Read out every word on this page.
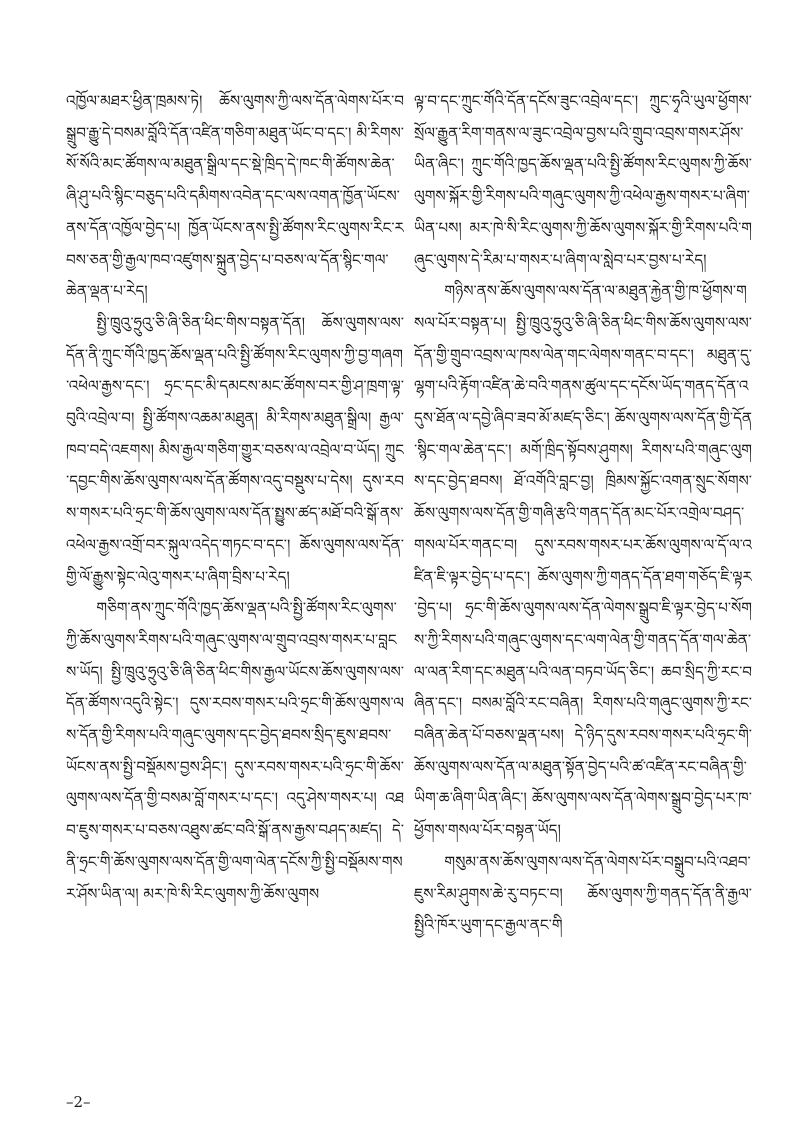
འཁྱོལ་མཐར་ཕྱིན་ཁྲམས་ཏེ། ཆོས་ལུགས་ཀྱི་ལས་དོན་ལེགས་པོར་བསྒྲུབ་རྒྱུ་དེ་བསམ་བློའི་དོན་འཛིན་གཅིག་མཐུན་ཡོང་བ་དང་། མི་རིགས་སོ་སོའི་མང་ཚོགས་ལ་མཐུན་སྒྲིལ་དང་སྡེ་ཁྲིད་དེ་ཁང་གི་ཚོགས་ཆེན་ཞི་ཤུ་པའི་སྙིང་བཅུད་པའི་དམིགས་འབེན་དང་ལས་འགན་ཁྱོན་ཡོངས་ནས་དོན་འཁྱོལ་བྱེད་པ། ཁྱོན་ཡོངས་ནས་སྤྱི་ཚོགས་རིང་ལུགས་རིང་རབས་ཅན་གྱི་རྒྱལ་ཁབ་འཛུགས་སྐྲུན་བྱེད་པ་བཅས་ལ་དོན་སྙིང་གལ་ཆེན་ལྡན་པ་རེད།

སྤྱི་ཁྲུའུ་ཧྲུའུ་ཅི་ཞི་ཅིན་ཕིང་གིས་བསྟན་དོན། ཆོས་ལུགས་ལས་དོན་ནི་ཀྲུང་གོའི་ཁྱད་ཆོས་ལྡན་པའི་སྤྱི་ཚོགས་རིང་ལུགས་ཀྱི་བྱ་གཞག་འཕེལ་རྒྱས་དང་། ཧྲང་དང་མི་དམངས་མང་ཚོགས་བར་གྱི་ཤ་ཁྲག་ལྟ་བུའི་འབྲེལ་བ། སྤྱི་ཚོགས་འཆམ་མཐུན། མི་རིགས་མཐུན་སྒྲིལ། རྒྱལ་ཁབ་བདེ་འཇགས། མིས་རྒྱལ་གཅིག་གྱུར་བཅས་ལ་འབྲེལ་བ་ཡོད། ཀྲུང་དབྱང་གིས་ཆོས་ལུགས་ལས་དོན་ཚོགས་འདུ་བསྡུས་པ་དེས། དུས་རབས་གསར་པའི་ཧྲང་གི་ཆོས་ལུགས་ལས་དོན་སྤྱུས་ཚད་མཐོ་བའི་སྒོ་ནས་འཕེལ་རྒྱས་འགྲོ་བར་སྐུལ་འདེད་གཏང་བ་དང་། ཆོས་ལུགས་ལས་དོན་གྱི་ལོ་རྒྱུས་སྟེང་ལེའུ་གསར་པ་ཞིག་བྲིས་པ་རེད།

གཅིག་ནས་ཀྲུང་གོའི་ཁྱད་ཆོས་ལྡན་པའི་སྤྱི་ཚོགས་རིང་ལུགས་ཀྱི་ཆོས་ལུགས་རིགས་པའི་གཞུང་ལུགས་ལ་གྲུབ་འབྲས་གསར་པ་བླངས་ཡོད། སྤྱི་ཁྲུའུ་ཧྲུའུ་ཅི་ཞི་ཅིན་ཕིང་གིས་རྒྱལ་ཡོངས་ཆོས་ལུགས་ལས་དོན་ཚོགས་འདུའི་སྟེང་། དུས་རབས་གསར་པའི་ཧྲང་གི་ཆོས་ལུགས་ལས་དོན་གྱི་རིགས་པའི་གཞུང་ལུགས་དང་བྱེད་ཐབས་སྲིད་ཇུས་ཐབས་ཡོངས་ནས་སྤྱི་བསྡོམས་བྱས་ཤིང་། དུས་རབས་གསར་པའི་ཧྲང་གི་ཆོས་ལུགས་ལས་དོན་གྱི་བསམ་བློ་གསར་པ་དང་། འདུ་ཤེས་གསར་པ། འཐབ་ཇུས་གསར་པ་བཅས་འཐུས་ཚང་བའི་སྒོ་ནས་རྒྱས་བཤད་མཛད། དེ་ནི་ཧྲང་གི་ཆོས་ལུགས་ལས་དོན་གྱི་ལག་ལེན་དངོས་ཀྱི་སྤྱི་བསྡོམས་གསར་ཤོས་ཡིན་ལ། མར་ཁེ་སི་རིང་ལུགས་ཀྱི་ཆོས་ལུགས

ལྟ་བ་དང་ཀྲུང་གོའི་དོན་དངོས་ཟུང་འབྲེལ་དང་། ཀྲུང་ཧྭའི་ཡུལ་ཕྱོགས་སྲོལ་རྒྱུན་རིག་གནས་ལ་ཟུང་འབྲེལ་བྱས་པའི་གྲུབ་འབྲས་གསར་ཤོས་ཡིན་ཞིང་། ཀྲུང་གོའི་ཁྱད་ཆོས་ལྡན་པའི་སྤྱི་ཚོགས་རིང་ལུགས་ཀྱི་ཆོས་ལུགས་སྐོར་གྱི་རིགས་པའི་གཞུང་ལུགས་ཀྱི་འཕེལ་རྒྱས་གསར་པ་ཞིག་ཡིན་པས། མར་ཁེ་སི་རིང་ལུགས་ཀྱི་ཆོས་ལུགས་སྐོར་གྱི་རིགས་པའི་གཞུང་ལུགས་དེ་རིམ་པ་གསར་པ་ཞིག་ལ་སླེབ་པར་བྱས་པ་རེད།

གཉིས་ནས་ཆོས་ལུགས་ལས་དོན་ལ་མཐུན་རྐྱེན་གྱི་ཁ་ཕྱོགས་གསལ་པོར་བསྟན་པ། སྤྱི་ཁྲུའུ་ཧྲུའུ་ཅི་ཞི་ཅིན་ཕིང་གིས་ཆོས་ལུགས་ལས་དོན་གྱི་གྲུབ་འབྲས་ལ་ཁས་ལེན་གང་ལེགས་གནང་བ་དང་། མཐུན་དུ་ལྷག་པའི་རྟོག་འཛིན་ཆེ་བའི་གནས་ཚུལ་དང་དངོས་ཡོད་གནད་དོན་འདུས་ཐོན་ལ་དབྱེ་ཞིབ་ཟབ་མོ་མཛད་ཅིང་། ཆོས་ལུགས་ལས་དོན་གྱི་དོན་སྙིང་གལ་ཆེན་དང་། མགོ་ཁྲིད་སྟོབས་ཤུགས། རིགས་པའི་གཞུང་ལུགས་དང་བྱེད་ཐབས། ཐོ་འགོའི་བླང་བྱ། ཁྲིམས་སྐྱོང་འགན་སྲུང་སོགས་ཆོས་ལུགས་ལས་དོན་གྱི་གཞི་རྩའི་གནད་དོན་མང་པོར་འགྲེལ་བཤད་གསལ་པོར་གནང་བ། དུས་རབས་གསར་པར་ཆོས་ལུགས་ལ་དོ་ལ་འཛིན་ཇི་ལྟར་བྱེད་པ་དང་། ཆོས་ལུགས་ཀྱི་གནད་དོན་ཐག་གཅོད་ཇི་ལྟར་བྱེད་པ། ཧྲང་གི་ཆོས་ལུགས་ལས་དོན་ལེགས་སྒྲུབ་ཇི་ལྟར་བྱེད་པ་སོགས་ཀྱི་རིགས་པའི་གཞུང་ལུགས་དང་ལག་ལེན་གྱི་གནད་དོན་གལ་ཆེན་ལ་ལན་རིག་དང་མཐུན་པའི་ལན་བཏབ་ཡོད་ཅིང་། ཆབ་སྲིད་ཀྱི་རང་བཞིན་དང་། བསམ་བློའི་རང་བཞིན། རིགས་པའི་གཞུང་ལུགས་ཀྱི་རང་བཞིན་ཆེན་པོ་བཅས་ལྡན་པས། དེ་ཉིད་དུས་རབས་གསར་པའི་ཧྲང་གི་ཆོས་ལུགས་ལས་དོན་ལ་མཐུན་སྟོན་བྱེད་པའི་ཚ་འཛིན་རང་བཞིན་གྱི་ཡིག་ཆ་ཞིག་ཡིན་ཞིང་། ཆོས་ལུགས་ལས་དོན་ལེགས་སྒྲུབ་བྱེད་པར་ཁ་ཕྱོགས་གསལ་པོར་བསྟན་ཡོད།

གསུམ་ནས་ཆོས་ལུགས་ལས་དོན་ལེགས་པོར་བསྒྲུབ་པའི་འཐབ་ཇུས་རིམ་ཤུགས་ཆེ་རུ་བཏང་བ། ཆོས་ལུགས་ཀྱི་གནད་དོན་ནི་རྒྱལ་སྤྱིའི་ཁོར་ཡུག་དང་རྒྱལ་ནང་གི

–2–
